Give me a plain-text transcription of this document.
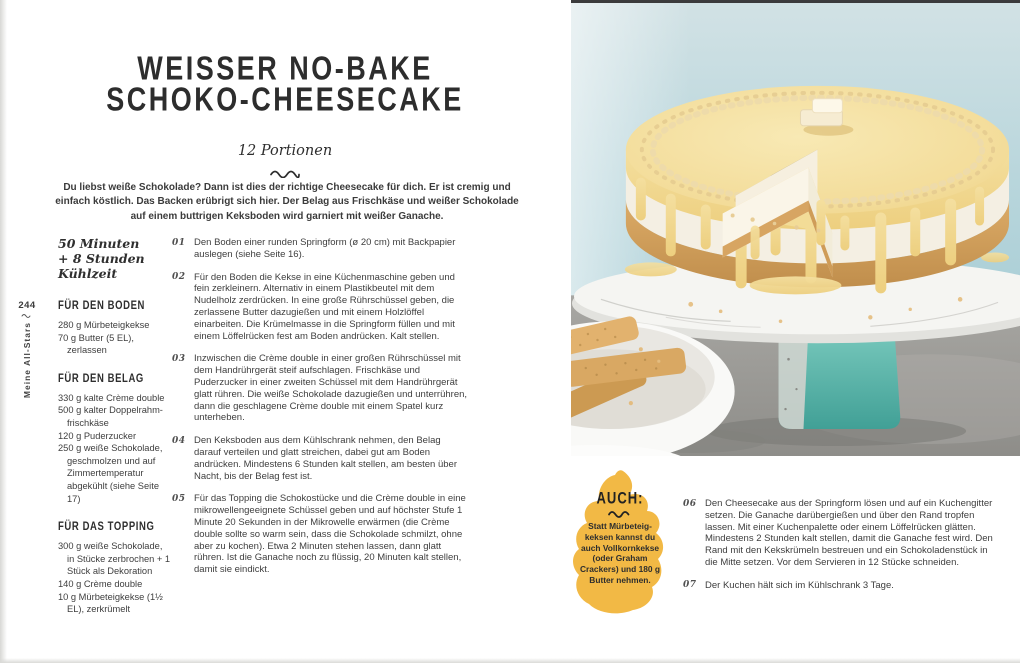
244
Meine All-Stars
WEISSER NO-BAKE
SCHOKO-CHEESECAKE
12 Portionen

Du liebst weiße Schokolade? Dann ist dies der richtige Cheesecake für dich. Er ist cremig und einfach köstlich. Das Backen erübrigt sich hier. Der Belag aus Frischkäse und weißer Schokolade auf einem buttrigen Keksboden wird garniert mit weißer Ganache.

50 Minuten
+ 8 Stunden Kühlzeit
FÜR DEN BODEN
280 g Mürbeteigkekse
70 g Butter (5 EL), zerlassen
FÜR DEN BELAG
330 g kalte Crème double
500 g kalter Doppelrahm-frischkäse
120 g Puderzucker
250 g weiße Schokolade, geschmolzen und auf Zimmertemperatur abgekühlt (siehe Seite 17)
FÜR DAS TOPPING
300 g weiße Schokolade, in Stücke zerbrochen + 1 Stück als Dekoration
140 g Crème double
10 g Mürbeteigkekse (1½ EL), zerkrümelt
01 Den Boden einer runden Springform (ø 20 cm) mit Backpapier auslegen (siehe Seite 16).

02 Für den Boden die Kekse in eine Küchenmaschine geben und fein zerkleinern. Alternativ in einem Plastikbeutel mit dem Nudelholz zerdrücken. In eine große Rührschüssel geben, die zerlassene Butter dazugießen und mit einem Holzlöffel einarbeiten. Die Krümelmasse in die Springform füllen und mit einem Löffelrücken fest am Boden andrücken. Kalt stellen.

03 Inzwischen die Crème double in einer großen Rührschüssel mit dem Handrührgerät steif aufschlagen. Frischkäse und Puderzucker in einer zweiten Schüssel mit dem Handrührgerät glatt rühren. Die weiße Schokolade dazugießen und unterrühren, dann die geschlagene Crème double mit einem Spatel kurz unterheben.

04 Den Keksboden aus dem Kühlschrank nehmen, den Belag darauf verteilen und glatt streichen, dabei gut am Boden andrücken. Mindestens 6 Stunden kalt stellen, am besten über Nacht, bis der Belag fest ist.

05 Für das Topping die Schokostücke und die Crème double in eine mikrowellengeeignete Schüssel geben und auf höchster Stufe 1 Minute 20 Sekunden in der Mikrowelle erwärmen (die Crème double sollte so warm sein, dass die Schokolade schmilzt, ohne aber zu kochen). Etwa 2 Minuten stehen lassen, dann glatt rühren. Ist die Ganache noch zu flüssig, 20 Minuten kalt stellen, damit sie eindickt.

AUCH:

Statt Mürbeteigkeksen kannst du auch Vollkornkekse (oder Graham Crackers) und 180 g Butter nehmen.

06 Den Cheesecake aus der Springform lösen und auf ein Kuchengitter setzen. Die Ganache darübergießen und über den Rand tropfen lassen. Mit einer Kuchenpalette oder einem Löffelrücken glätten. Mindestens 2 Stunden kalt stellen, damit die Ganache fest wird. Den Rand mit den Kekskrümeln bestreuen und ein Schokoladenstück in die Mitte setzen. Vor dem Servieren in 12 Stücke schneiden.

07 Der Kuchen hält sich im Kühlschrank 3 Tage.
